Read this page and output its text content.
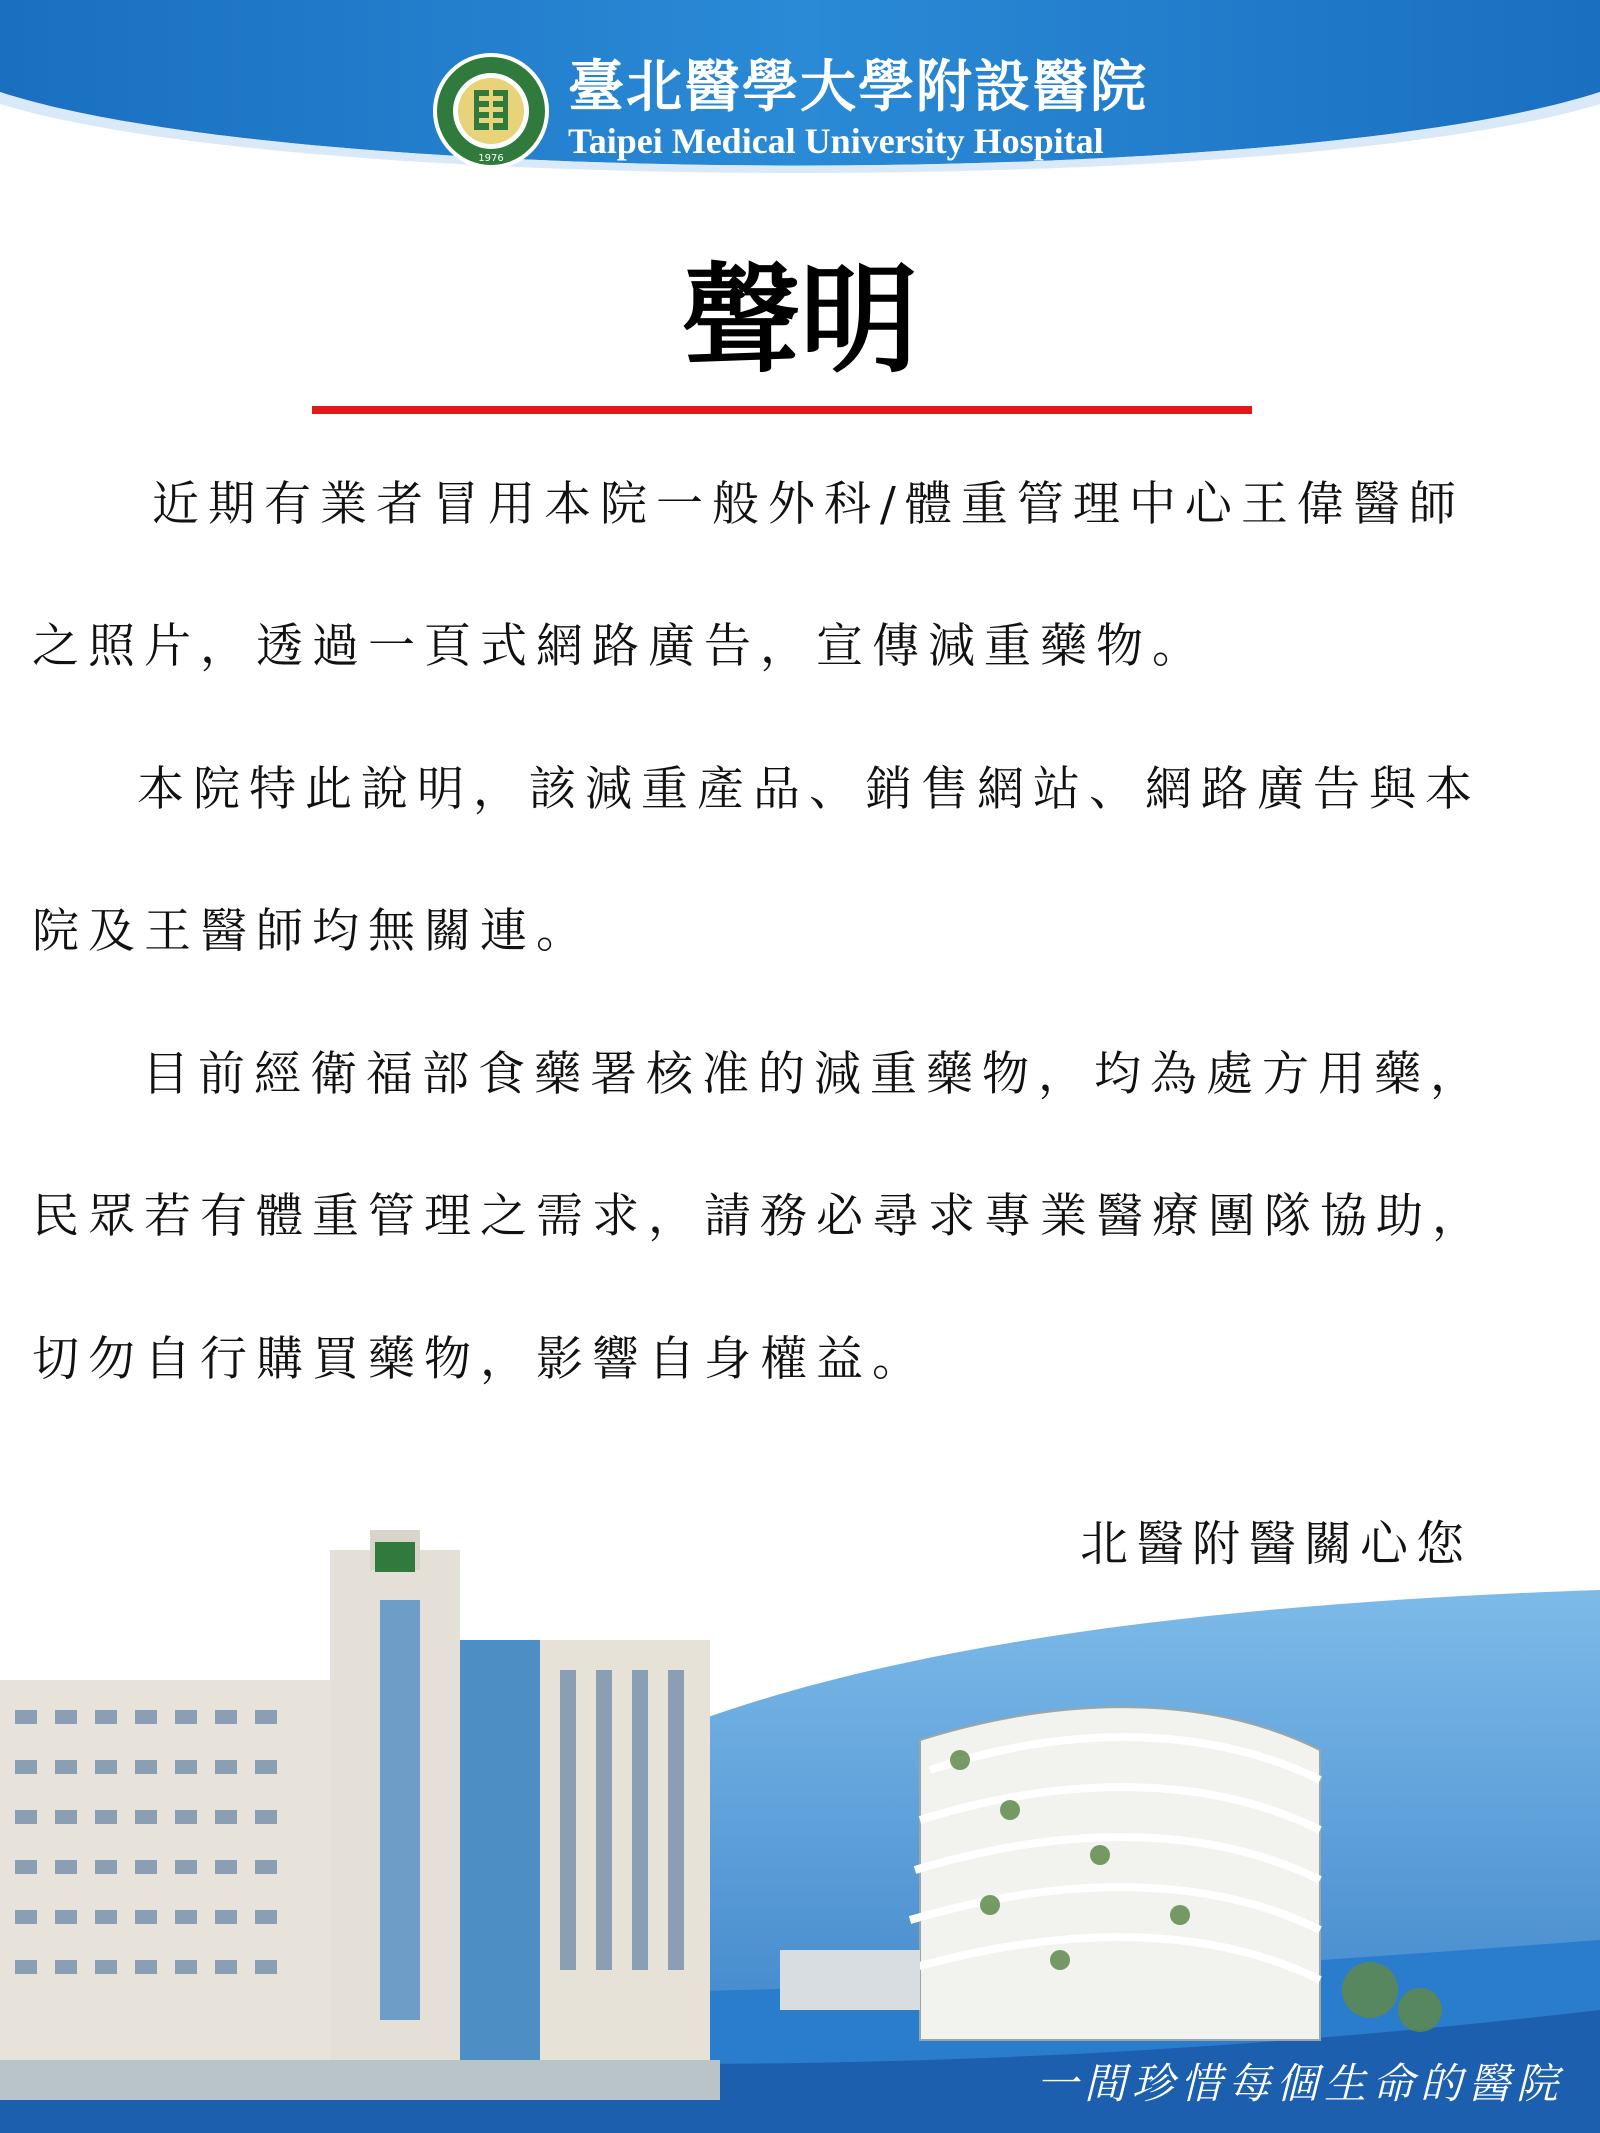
1976
臺北醫學大學附設醫院
Taipei Medical University Hospital
聲明
近期有業者冒用本院一般外科/體重管理中心王偉醫師
之照片，透過一頁式網路廣告，宣傳減重藥物。
本院特此說明，該減重產品、銷售網站、網路廣告與本
院及王醫師均無關連。
目前經衛福部食藥署核准的減重藥物，均為處方用藥，
民眾若有體重管理之需求，請務必尋求專業醫療團隊協助，
切勿自行購買藥物，影響自身權益。
北醫附醫關心您
一間珍惜每個生命的醫院
